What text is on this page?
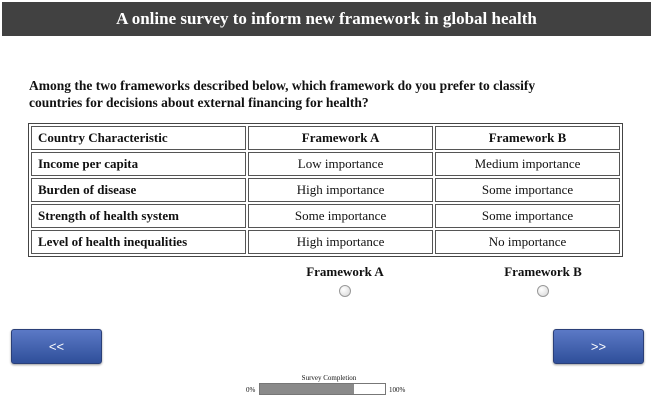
A online survey to inform new framework in global health
Among the two frameworks described below, which framework do you prefer to classify
countries for decisions about external financing for health?
Country Characteristic	Framework A	Framework B
Income per capita	Low importance	Medium importance
Burden of disease	High importance	Some importance
Strength of health system	Some importance	Some importance
Level of health inequalities	High importance	No importance
Framework A	Framework B
<<	>>
Survey Completion
0%	100%
